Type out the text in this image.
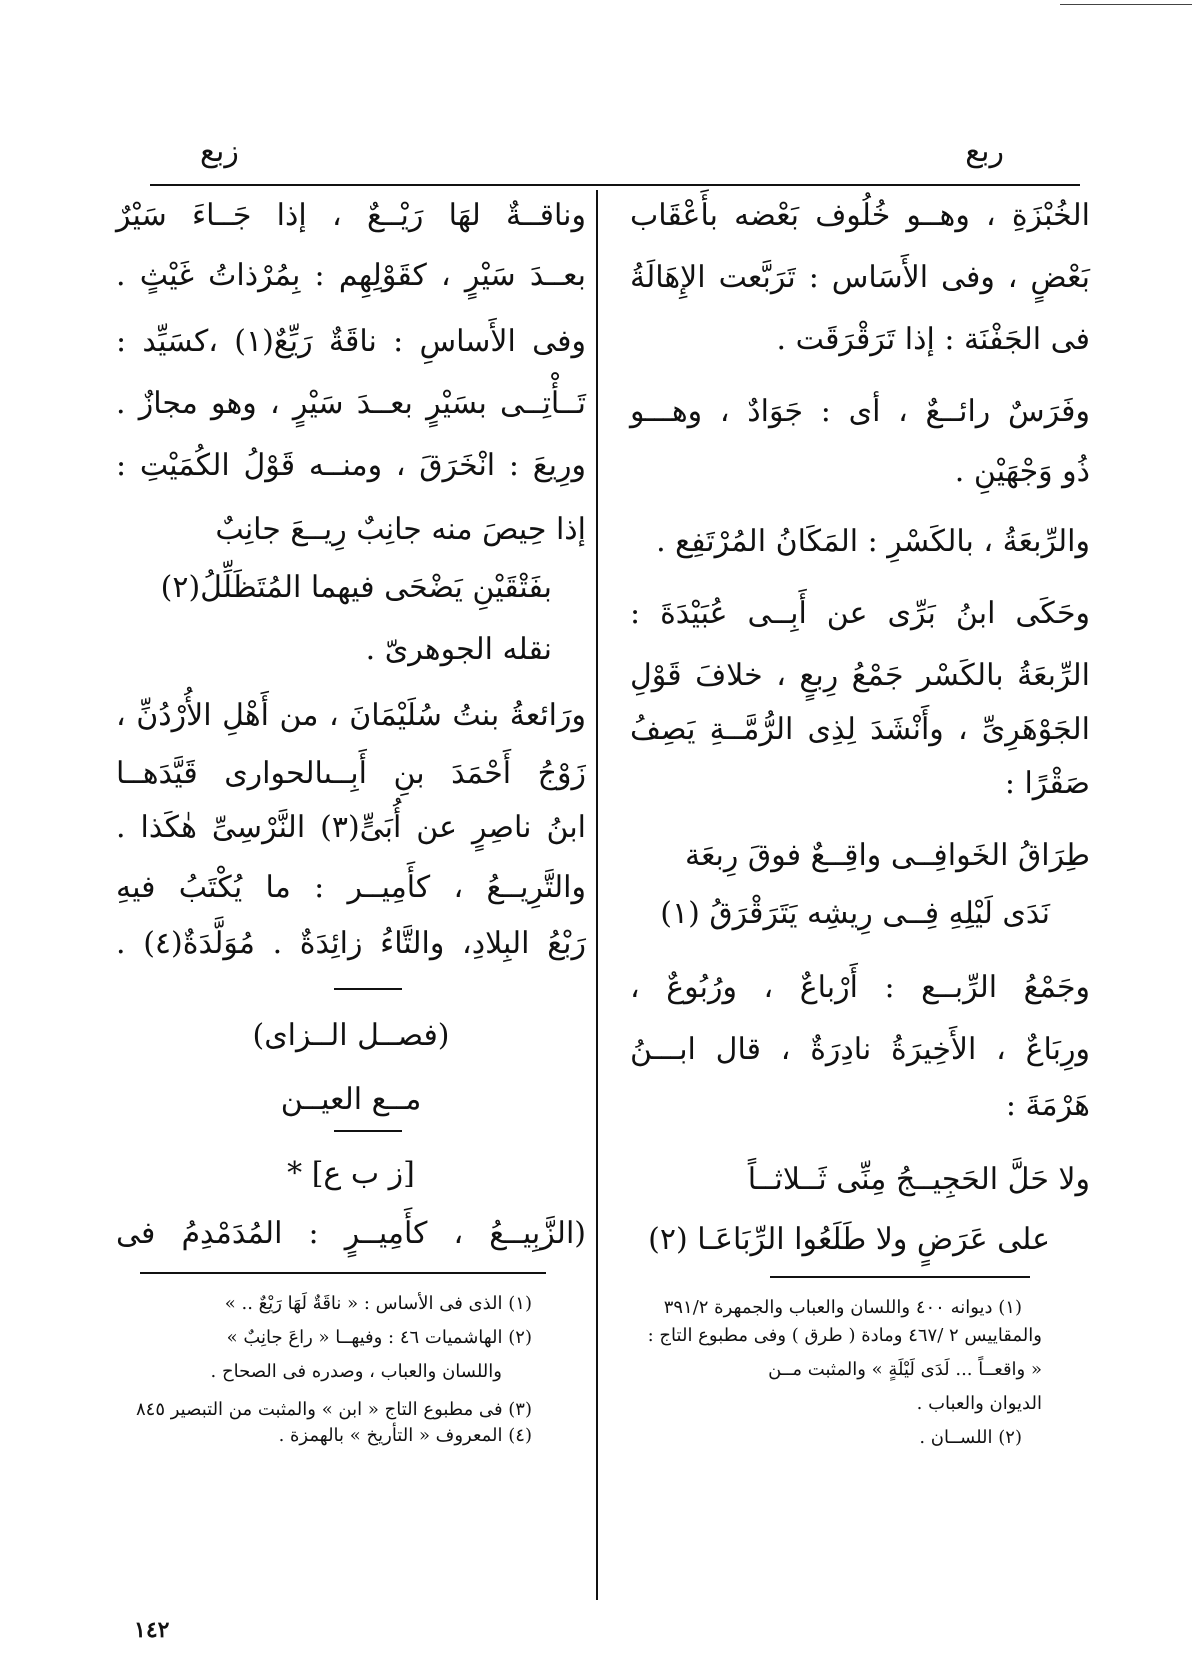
ربع
زبع
الخُبْزَةِ ، وهــو خُلُوف بَعْضه بأَعْقَاب
بَعْضٍ ، وفى الأَسَاس : تَرَبَّعت الإِهَالَةُ
فى الجَفْنَة : إذا تَرَقْرَقَت .
وفَرَسٌ رائــعٌ ، أى : جَوَادٌ ، وهـــو
ذُو وَجْهَيْنِ .
والرِّبعَةُ ، بالكَسْرِ : المَكَانُ المُرْتَفِع .
وحَكَى ابنُ بَرِّى عن أَبِــى عُبَيْدَةَ :
الرِّبعَةُ بالكَسْر جَمْعُ رِبعٍ ، خلافَ قَوْلِ
الجَوْهَرِىِّ ، وأَنْشَدَ لِذِى الرُّمَّــةِ يَصِفُ
صَقْرًا :
طِرَاقُ الخَوافِــى واقِــعٌ فوقَ رِبعَة
نَدَى لَيْلِهِ فِــى رِيشِه يَتَرَقْرَقُ (١)
وجَمْعُ الرِّبــع : أَرْباعٌ ، ورُبُوعٌ ،
ورِبَاعٌ ، الأَخِيرَةُ نادِرَةٌ ، قال ابـــنُ
هَرْمَةَ :
ولا حَلَّ الحَجِيــجُ مِنِّى ثَــلاثــاً
على عَرَضٍ ولا طَلَعُوا الرِّبَاعَـا (٢)
(١) ديوانه ٤٠٠ واللسان والعباب والجمهرة ٣٩١/٢
والمقاييس ٢ /٤٦٧ ومادة ( طرق ) وفى مطبوع التاج :
« واقعــاً ... لَدَى لَيْلَةٍ » والمثبت مــن
الديوان والعباب .
(٢) اللســان .
وناقــةٌ لهَا رَيْــعٌ ، إذا جَــاءَ سَيْرٌ
بعــدَ سَيْرٍ ، كقَوْلِهِم : بِمُرْذاتُ غَيْثٍ .
وفى الأَساسِ : ناقَةٌ رَيِّعٌ(١) ،كسَيِّد :
تَــأْتِــى بسَيْرٍ بعــدَ سَيْرٍ ، وهو مجازٌ .
ورِيعَ : انْخَرَقَ ، ومنــه قَوْلُ الكُمَيْتِ :
إذا حِيصَ منه جانِبٌ رِيــعَ جانِبٌ
بفَتْقَيْنِ يَضْحَى فيهما المُتَظَلِّلُ(٢)
نقله الجوهرىّ .
ورَائعةُ بنتُ سُلَيْمَانَ ، من أَهْلِ الأُرْدُنِّ ،
زَوْجُ أَحْمَدَ بنِ أَبِــىالحوارى قَيَّدَهــا
ابنُ ناصِرٍ عن أُبَىٍّ(٣) النَّرْسِىِّ هٰكَذا .
والتَّرِيــعُ ، كأَمِيــر : ما يُكْتَبُ فيهِ
رَبْعُ البِلادِ، والتَّاءُ زائِدَةٌ . مُوَلَّدَةٌ(٤) .
(فصــل الــزاى)
مــع العيــن
[ز ب ع] *
(الزَّبِيــعُ ، كأَمِيــرٍ : المُدَمْدِمُ فى
(١) الذى فى الأساس : « ناقَةٌ لَهَا رَيْعٌ .. »
(٢) الهاشميات ٤٦ : وفيهــا « راعَ جانِبٌ »
واللسان والعباب ، وصدره فى الصحاح .
(٣) فى مطبوع التاج « ابن » والمثبت من التبصير ٨٤٥
(٤) المعروف « التأريخ » بالهمزة .
١٤٢
